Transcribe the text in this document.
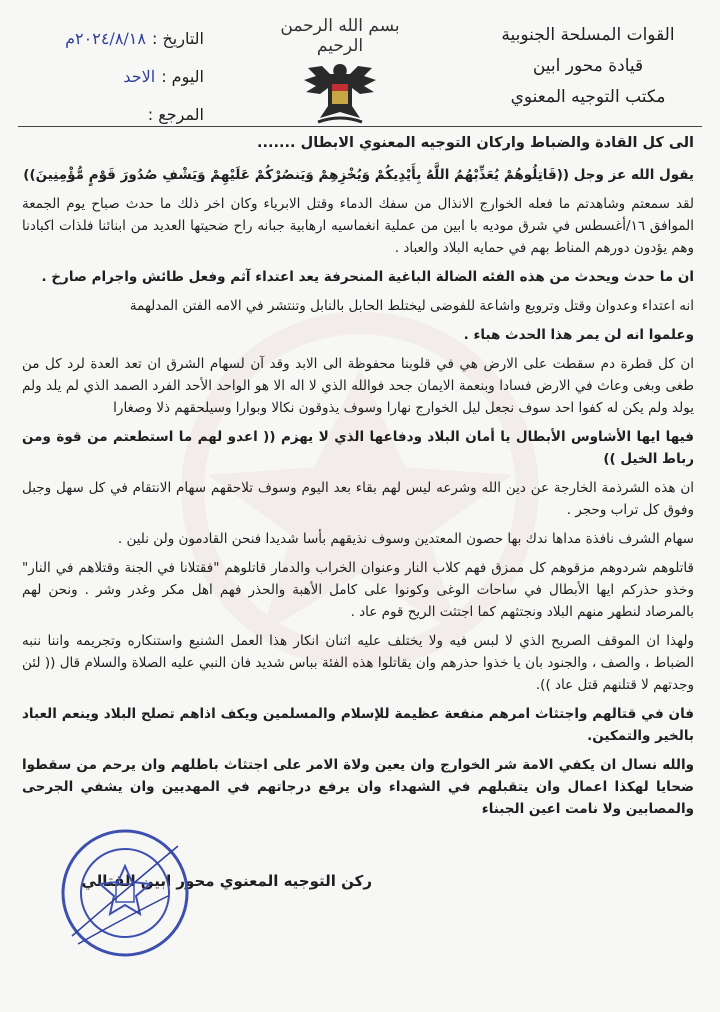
القوات المسلحة الجنوبية
قيادة محور ابين
مكتب التوجيه المعنوي
بسم الله الرحمن الرحيم
التاريخ :
٢٠٢٤/٨/١٨م
اليوم :
الاحد
المرجع :

الى كل القادة والضباط واركان التوجيه المعنوي الابطال .......

يقول الله عز وجل ((قَاتِلُوهُمْ يُعَذِّبْهُمُ اللَّهُ بِأَيْدِيكُمْ وَيُخْزِهِمْ وَيَنصُرْكُمْ عَلَيْهِمْ وَيَشْفِ صُدُورَ قَوْمٍ مُّؤْمِنِينَ))

لقد سمعتم وشاهدتم ما فعله الخوارج الانذال من سفك الدماء وقتل الابرياء وكان اخر ذلك ما حدث صباح يوم الجمعة الموافق ١٦/أغسطس في شرق موديه با ابين من عملية انغماسيه ارهابية جبانه راح ضحيتها العديد من ابنائنا فلذات اكبادنا وهم يؤدون دورهم المناط بهم في حمايه البلاد والعباد .

ان ما حدث ويحدث من هذه الفئه الضالة الباغية المنحرفة يعد اعتداء آثم وفعل طائش واجرام صارخ .

انه اعتداء وعدوان وقتل وترويع واشاعة للفوضى ليختلط الحابل بالنابل وتنتشر في الامه الفتن المدلهمة

وعلموا انه لن يمر هذا الحدث هباء .

ان كل قطرة دم سقطت على الارض هي في قلوبنا محفوظة الى الابد وقد آن لسهام الشرق ان تعد العدة لرد كل من طغى وبغى وعاث في الارض فسادا وبنعمة الايمان جحد فوالله الذي لا اله الا هو الواحد الأحد الفرد الصمد الذي لم يلد ولم يولد ولم يكن له كفوا احد سوف نجعل ليل الخوارج نهارا وسوف يذوقون نكالا وبوارا وسيلحقهم ذلا وصغارا

فيها ايها الأشاوس الأبطال يا أمان البلاد ودفاعها الذي لا يهزم (( اعدو لهم ما استطعتم من قوة ومن رباط الخيل ))

ان هذه الشرذمة الخارجة عن دين الله وشرعه ليس لهم بقاء بعد اليوم وسوف تلاحقهم سهام الانتقام في كل سهل وجبل وفوق كل تراب وحجر .

سهام الشرف نافذة مداها ندك بها حصون المعتدين وسوف نذيقهم بأسا شديدا فنحن القادمون ولن نلين .

قاتلوهم شردوهم مزقوهم كل ممزق فهم كلاب النار وعنوان الخراب والدمار قاتلوهم "فقتلانا في الجنة وقتلاهم في النار" وخذو حذركم ايها الأبطال في ساحات الوغى وكونوا على كامل الأهبة والحذر فهم اهل مكر وغدر وشر . ونحن لهم بالمرصاد لنطهر منهم البلاد ونجتثهم كما اجتثت الريح قوم عاد .

ولهذا ان الموقف الصريح الذي لا لبس فيه ولا يختلف عليه اثنان انكار هذا العمل الشنيع واستنكاره وتجريمه واننا ننبه الضباط ، والصف ، والجنود بان يا خذوا حذرهم وان يقاتلوا هذه الفئة بباس شديد فان النبي عليه الصلاة والسلام قال (( لئن وجدتهم لا قتلنهم قتل عاد )).

فان في قتالهم واجتثاث امرهم منفعة عظيمة للإسلام والمسلمين ويكف اذاهم تصلح البلاد وينعم العباد بالخير والتمكين.

والله نسال ان يكفي الامة شر الخوارج وان يعين ولاة الامر على اجتثاث باطلهم وان يرحم من سقطوا ضحايا لهكذا اعمال وان يتقبلهم في الشهداء وان يرفع درجاتهم في المهديين وان يشفي الجرحى والمصابين ولا نامت اعين الجبناء

ركن التوجيه المعنوي محور ابين القتالي
